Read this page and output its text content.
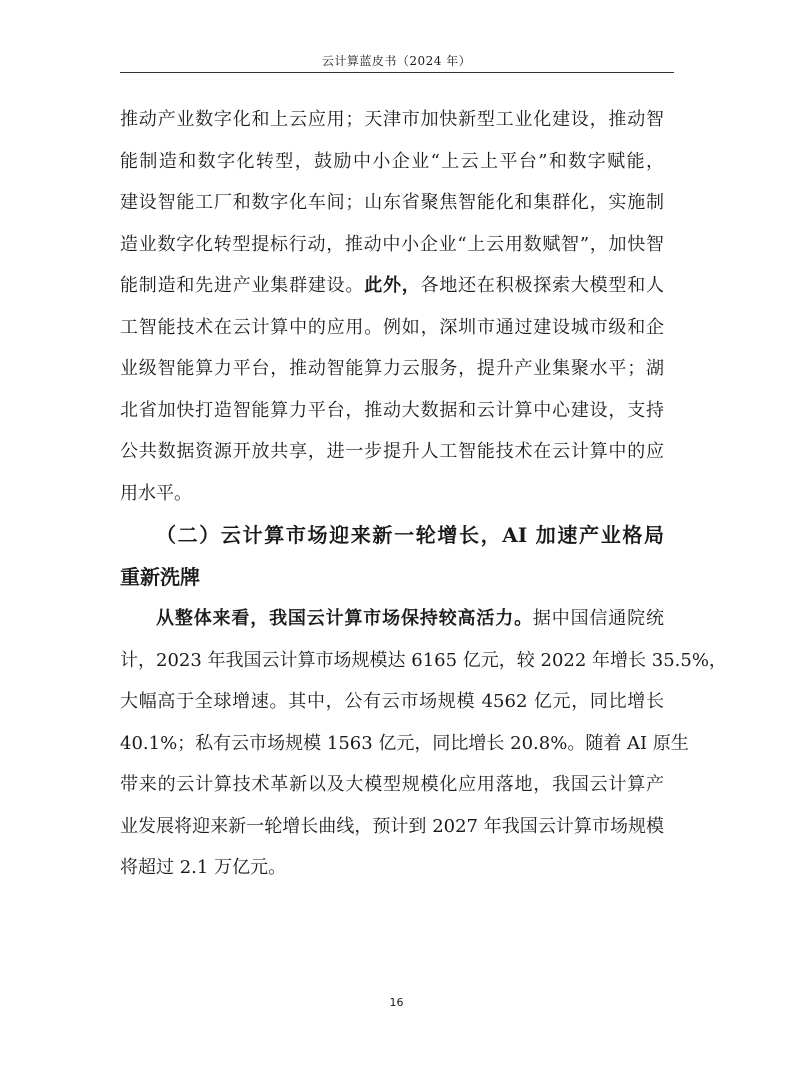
云计算蓝皮书（2024 年）
推动产业数字化和上云应用；天津市加快新型工业化建设，推动智
能制造和数字化转型，鼓励中小企业“上云上平台”和数字赋能，
建设智能工厂和数字化车间；山东省聚焦智能化和集群化，实施制
造业数字化转型提标行动，推动中小企业“上云用数赋智”，加快智
能制造和先进产业集群建设。此外，各地还在积极探索大模型和人
工智能技术在云计算中的应用。例如，深圳市通过建设城市级和企
业级智能算力平台，推动智能算力云服务，提升产业集聚水平；湖
北省加快打造智能算力平台，推动大数据和云计算中心建设，支持
公共数据资源开放共享，进一步提升人工智能技术在云计算中的应
用水平。
（二）云计算市场迎来新一轮增长，AI 加速产业格局
重新洗牌
从整体来看，我国云计算市场保持较高活力。据中国信通院统
计，2023 年我国云计算市场规模达 6165 亿元，较 2022 年增长 35.5%，
大幅高于全球增速。其中，公有云市场规模 4562 亿元，同比增长
40.1%；私有云市场规模 1563 亿元，同比增长 20.8%。随着 AI 原生
带来的云计算技术革新以及大模型规模化应用落地，我国云计算产
业发展将迎来新一轮增长曲线，预计到 2027 年我国云计算市场规模
将超过 2.1 万亿元。
16
